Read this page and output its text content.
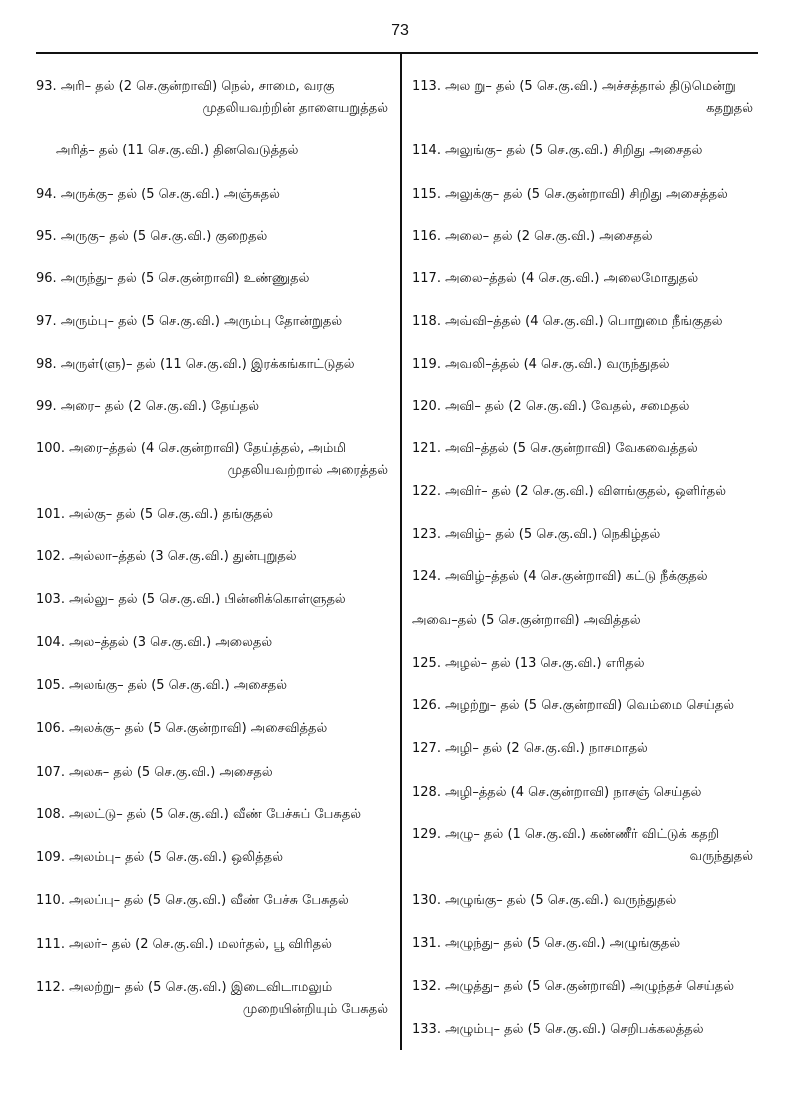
73
93. அரி– தல் (2 செ.குன்றாவி) நெல், சாமை, வரகு
முதலியவற்றின் தாளையறுத்தல்
அரித்– தல் (11 செ.கு.வி.) தினவெடுத்தல்
94. அருக்கு– தல் (5 செ.கு.வி.) அஞ்சுதல்
95. அருகு– தல் (5 செ.கு.வி.) குறைதல்
96. அருந்து– தல் (5 செ.குன்றாவி) உண்ணுதல்
97. அரும்பு– தல் (5 செ.கு.வி.) அரும்பு தோன்றுதல்
98. அருள்(ளு)– தல் (11 செ.கு.வி.) இரக்கங்காட்டுதல்
99. அரை– தல் (2 செ.கு.வி.) தேய்தல்
100. அரை–த்தல் (4 செ.குன்றாவி) தேய்த்தல், அம்மி
முதலியவற்றால் அரைத்தல்
101. அல்கு– தல் (5 செ.கு.வி.) தங்குதல்
102. அல்லா–த்தல் (3 செ.கு.வி.) துன்புறுதல்
103. அல்லு– தல் (5 செ.கு.வி.) பின்னிக்கொள்ளுதல்
104. அல–த்தல் (3 செ.கு.வி.) அலைதல்
105. அலங்கு– தல் (5 செ.கு.வி.) அசைதல்
106. அலக்கு– தல் (5 செ.குன்றாவி) அசைவித்தல்
107. அலசு– தல் (5 செ.கு.வி.) அசைதல்
108. அலட்டு– தல் (5 செ.கு.வி.) வீண் பேச்சுப் பேசுதல்
109. அலம்பு– தல் (5 செ.கு.வி.) ஒலித்தல்
110. அலப்பு– தல் (5 செ.கு.வி.) வீண் பேச்சு பேசுதல்
111. அலர்– தல் (2 செ.கு.வி.) மலர்தல், பூ விரிதல்
112. அலற்று– தல் (5 செ.கு.வி.) இடைவிடாமலும்
முறையின்றியும் பேசுதல்
113. அல று– தல் (5 செ.கு.வி.) அச்சத்தால் திடுமென்று
கதறுதல்
114. அலுங்கு– தல் (5 செ.கு.வி.) சிறிது அசைதல்
115. அலுக்கு– தல் (5 செ.குன்றாவி) சிறிது அசைத்தல்
116. அலை– தல் (2 செ.கு.வி.) அசைதல்
117. அலை–த்தல் (4 செ.கு.வி.) அலைமோதுதல்
118. அவ்வி–த்தல் (4 செ.கு.வி.) பொறுமை நீங்குதல்
119. அவலி–த்தல் (4 செ.கு.வி.) வருந்துதல்
120. அவி– தல் (2 செ.கு.வி.) வேதல், சமைதல்
121. அவி–த்தல் (5 செ.குன்றாவி) வேகவைத்தல்
122. அவிர்– தல் (2 செ.கு.வி.) விளங்குதல், ஒளிர்தல்
123. அவிழ்– தல் (5 செ.கு.வி.) நெகிழ்தல்
124. அவிழ்–த்தல் (4 செ.குன்றாவி) கட்டு நீக்குதல்
அவை–தல் (5 செ.குன்றாவி) அவித்தல்
125. அழல்– தல் (13 செ.கு.வி.) எரிதல்
126. அழற்று– தல் (5 செ.குன்றாவி) வெம்மை செய்தல்
127. அழி– தல் (2 செ.கு.வி.) நாசமாதல்
128. அழி–த்தல் (4 செ.குன்றாவி) நாசஞ் செய்தல்
129. அழு– தல் (1 செ.கு.வி.) கண்ணீர் விட்டுக் கதறி
வருந்துதல்
130. அழுங்கு– தல் (5 செ.கு.வி.) வருந்துதல்
131. அழுந்து– தல் (5 செ.கு.வி.) அழுங்குதல்
132. அழுத்து– தல் (5 செ.குன்றாவி) அழுந்தச் செய்தல்
133. அழும்பு– தல் (5 செ.கு.வி.) செறிபக்கலத்தல்
